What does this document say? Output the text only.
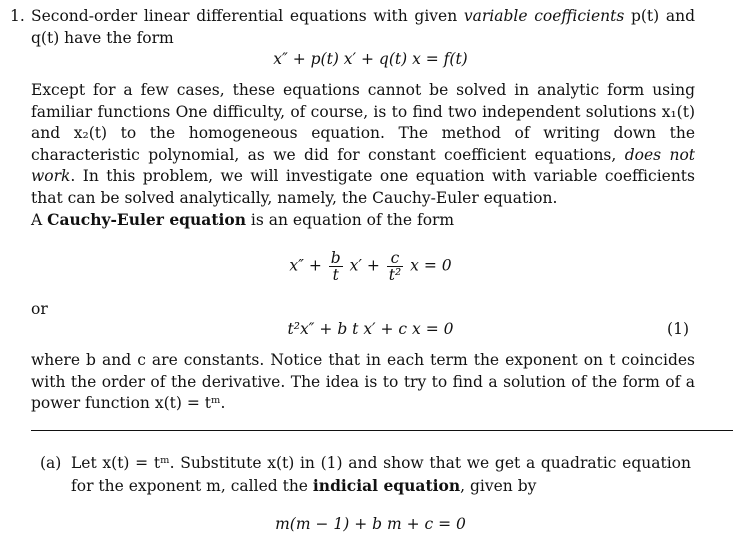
1. Second-order linear differential equations with given variable coefficients p(t) and q(t) have the form
x″ + p(t) x′ + q(t) x = f(t)
Except for a few cases, these equations cannot be solved in analytic form using familiar functions One difficulty, of course, is to find two independent solutions x₁(t) and x₂(t) to the homogeneous equation. The method of writing down the characteristic polynomial, as we did for constant coefficient equations, does not work. In this problem, we will investigate one equation with variable coefficients that can be solved analytically, namely, the Cauchy-Euler equation.
A Cauchy-Euler equation is an equation of the form
$x'' + \frac{b}{t} x' + \frac{c}{\text{t²}}$ x = 0
or
t²x″ + b t x′ + c x = 0	(1)
where b and c are constants. Notice that in each term the exponent on t coincides with the order of the derivative. The idea is to try to find a solution of the form of a power function x(t) = tᵐ.
(a) Let x(t) = tᵐ. Substitute x(t) in (1) and show that we get a quadratic equation for the exponent m, called the indicial equation, given by
m(m − 1) + b m + c = 0
